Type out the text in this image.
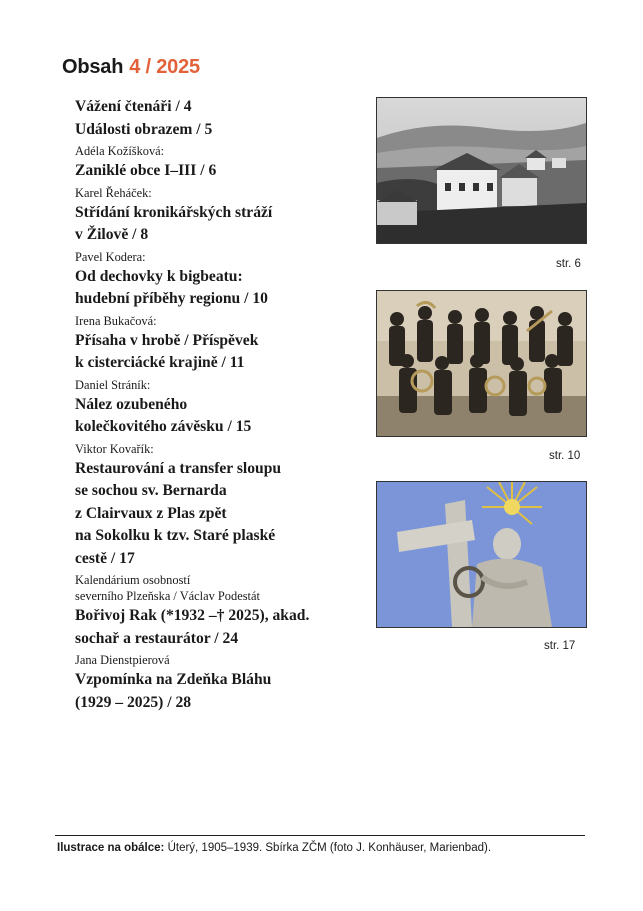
Obsah 4 / 2025
Vážení čtenáři / 4
Události obrazem / 5
Adéla Kožíšková:
Zaniklé obce I–III / 6
Karel Řeháček:
Střídání kronikářských stráží
v Žilově / 8
Pavel Kodera:
Od dechovky k bigbeatu:
hudební příběhy regionu / 10
Irena Bukačová:
Přísaha v hrobě / Příspěvek
k cisterciácké krajině / 11
Daniel Stráník:
Nález ozubeného
kolečkovitého závěsku / 15
Viktor Kovařík:
Restaurování a transfer sloupu
se sochou sv. Bernarda
z Clairvaux z Plas zpět
na Sokolku k tzv. Staré plaské
cestě / 17
Kalendárium osobností
severního Plzeňska / Václav Podestát
Bořivoj Rak (*1932 –† 2025), akad.
sochař a restaurátor / 24
Jana Dienstpierová
Vzpomínka na Zdeňka Bláhu
(1929 – 2025) / 28
str. 6
str. 10
str. 17
Ilustrace na obálce: Úterý, 1905–1939. Sbírka ZČM (foto J. Konhäuser, Marienbad).
